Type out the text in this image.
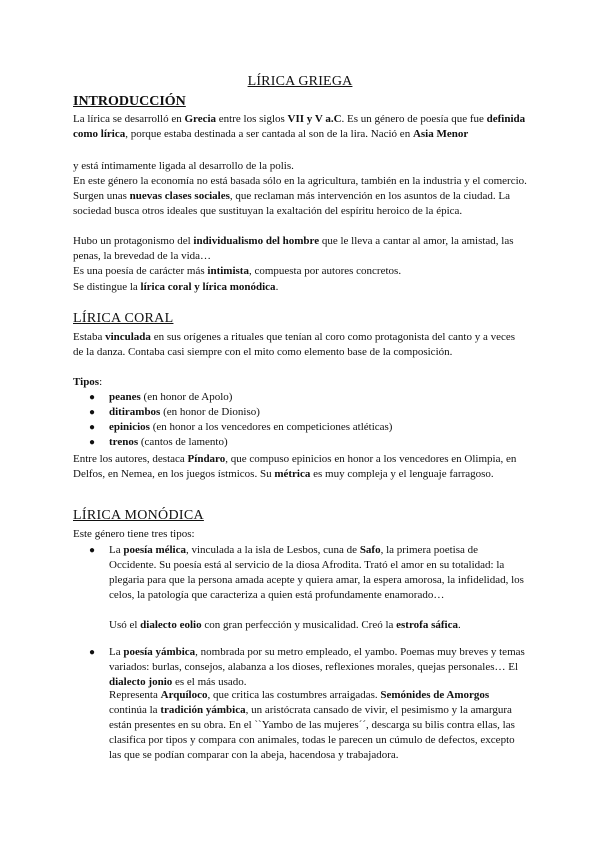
LÍRICA GRIEGA
INTRODUCCIÓN

La lírica se desarrolló en Grecia entre los siglos VII y V a.C. Es un género de poesía que fue definida como lírica, porque estaba destinada a ser cantada al son de la lira. Nació en Asia Menor

y está íntimamente ligada al desarrollo de la polis.

En este género la economía no está basada sólo en la agricultura, también en la industria y el comercio. Surgen unas nuevas clases sociales, que reclaman más intervención en los asuntos de la ciudad. La sociedad busca otros ideales que sustituyan la exaltación del espíritu heroico de la épica.

Hubo un protagonismo del individualismo del hombre que le lleva a cantar al amor, la amistad, las penas, la brevedad de la vida…

Es una poesía de carácter más intimista, compuesta por autores concretos.

Se distingue la lírica coral y lírica monódica.

LÍRICA CORAL

Estaba vinculada en sus orígenes a rituales que tenían al coro como protagonista del canto y a veces de la danza. Contaba casi siempre con el mito como elemento base de la composición.

Tipos:

● peanes (en honor de Apolo)

● ditirambos (en honor de Dioniso)

● epinicios (en honor a los vencedores en competiciones atléticas)

● trenos (cantos de lamento)

Entre los autores, destaca Píndaro, que compuso epinicios en honor a los vencedores en Olimpia, en Delfos, en Nemea, en los juegos ístmicos. Su métrica es muy compleja y el lenguaje farragoso.

LÍRICA MONÓDICA

Este género tiene tres tipos:

● La poesía mélica, vinculada a la isla de Lesbos, cuna de Safo, la primera poetisa de Occidente. Su poesía está al servicio de la diosa Afrodita. Trató el amor en su totalidad: la plegaria para que la persona amada acepte y quiera amar, la espera amorosa, la infidelidad, los celos, la patología que caracteriza a quien está profundamente enamorado…

Usó el dialecto eolio con gran perfección y musicalidad. Creó la estrofa sáfica.

● La poesía yámbica, nombrada por su metro empleado, el yambo. Poemas muy breves y temas variados: burlas, consejos, alabanza a los dioses, reflexiones morales, quejas personales… El dialecto jonio es el más usado.

Representa Arquíloco, que critica las costumbres arraigadas. Semónides de Amorgos continúa la tradición yámbica, un aristócrata cansado de vivir, el pesimismo y la amargura están presentes en su obra. En el ``Yambo de las mujeres´´, descarga su bilis contra ellas, las clasifica por tipos y compara con animales, todas le parecen un cúmulo de defectos, excepto las que se podían comparar con la abeja, hacendosa y trabajadora.
